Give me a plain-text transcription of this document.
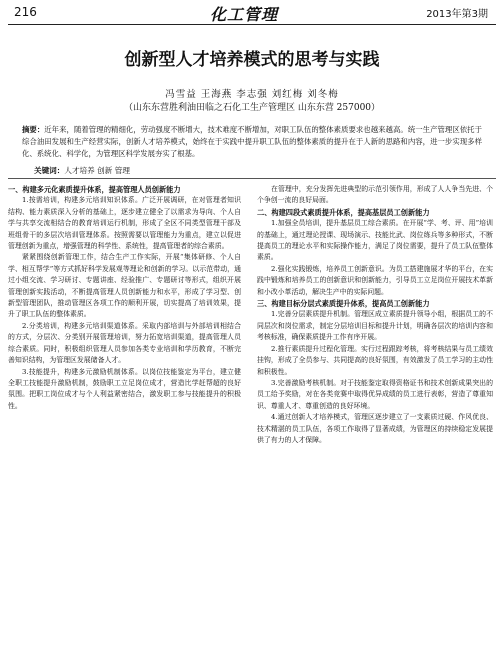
216	化工管理	2013年第3期
创新型人才培养模式的思考与实践
冯雪益 王海燕 李志强 刘红梅 刘冬梅
（山东东营胜利油田临之石化工生产管理区 山东东营 257000）
摘要：近年来，随着管理的精细化，劳动强度不断增大，技术难度不断增加，对职工队伍的整体素质要求也越来越高。统一生产管理区依托于综合油田发展和生产经营实际，创新人才培养模式，始终在于实践中提升职工队伍的整体素质的提升在于人新的思路和内容，进一步实现多样化、系统化、科学化，为管理区科学发展夯实了根基。
关键词：人才培养 创新 管理
一、构建多元化素质提升体系，提高管理人员创新能力

1.按需培训，构建多元培训知识体系。广泛开展调研，在对管理者知识结构、能力素质深入分析的基础上，逐步建立健全了以需求为导向、个人自学与共享交流相结合的教育培训运行机制，形成了全区不同类型管理干部及班组骨干的多层次培训管理体系。按照需要以管理能力为重点，建立以促进管理创新为重点，增强管理的科学性、系统性，提高管理者的综合素质。

紧紧围绕创新管理工作，结合生产工作实际，开展“集体研修、个人自学、相互帮学”等方式抓好科学发展观等理论和创新的学习。以示范带动，通过小组交流、学习研讨、专题讲座、经验推广、专题研讨等形式，组织开展管理创新实践活动，不断提高管理人员创新能力和水平，形成了学习型、创新型管理团队，推动管理区各项工作的顺利开展，切实提高了培训效果，提升了职工队伍的整体素质。

2.分类培训，构建多元培训渠道体系。采取内部培训与外部培训相结合的方式，分层次、分类别开展管理培训，努力拓宽培训渠道，提高管理人员综合素质。同时，积极组织管理人员参加各类专业培训和学历教育，不断完善知识结构，为管理区发展储备人才。

3.技能提升，构建多元激励机制体系。以岗位技能鉴定为平台，建立健全职工技能提升激励机制，鼓励职工立足岗位成才，营造比学赶帮超的良好氛围。把职工岗位成才与个人利益紧密结合，激发职工参与技能提升的积极性。

在管理中，充分发挥先进典型的示范引领作用，形成了人人争当先进、个个争创一流的良好局面。

二、构建四段式素质提升体系，提高基层员工创新能力

1.加强全员培训，提升基层员工综合素质。在开展“学、考、评、用”培训的基础上，通过理论授课、现场演示、技能比武、岗位练兵等多种形式，不断提高员工的理论水平和实际操作能力，满足了岗位需要，提升了员工队伍整体素质。

2.强化实践锻炼，培养员工创新意识。为员工搭建施展才华的平台，在实践中锻炼和培养员工的创新意识和创新能力，引导员工立足岗位开展技术革新和小改小革活动，解决生产中的实际问题。

三、构建目标分层式素质提升体系，提高员工创新能力

1.完善分层素质提升机制。管理区成立素质提升领导小组，根据员工的不同层次和岗位需求，制定分层培训目标和提升计划，明确各层次的培训内容和考核标准，确保素质提升工作有序开展。

2.推行素质提升过程化管理。实行过程跟踪考核，将考核结果与员工绩效挂钩，形成了全员参与、共同提高的良好氛围，有效激发了员工学习的主动性和积极性。

3.完善激励考核机制。对于技能鉴定取得资格证书和技术创新成果突出的员工给予奖励，对在各类竞赛中取得优异成绩的员工进行表彰，营造了尊重知识、尊重人才、尊重创造的良好环境。

4.通过创新人才培养模式，管理区逐步建立了一支素质过硬、作风优良、技术精湛的员工队伍，各项工作取得了显著成绩，为管理区的持续稳定发展提供了有力的人才保障。
